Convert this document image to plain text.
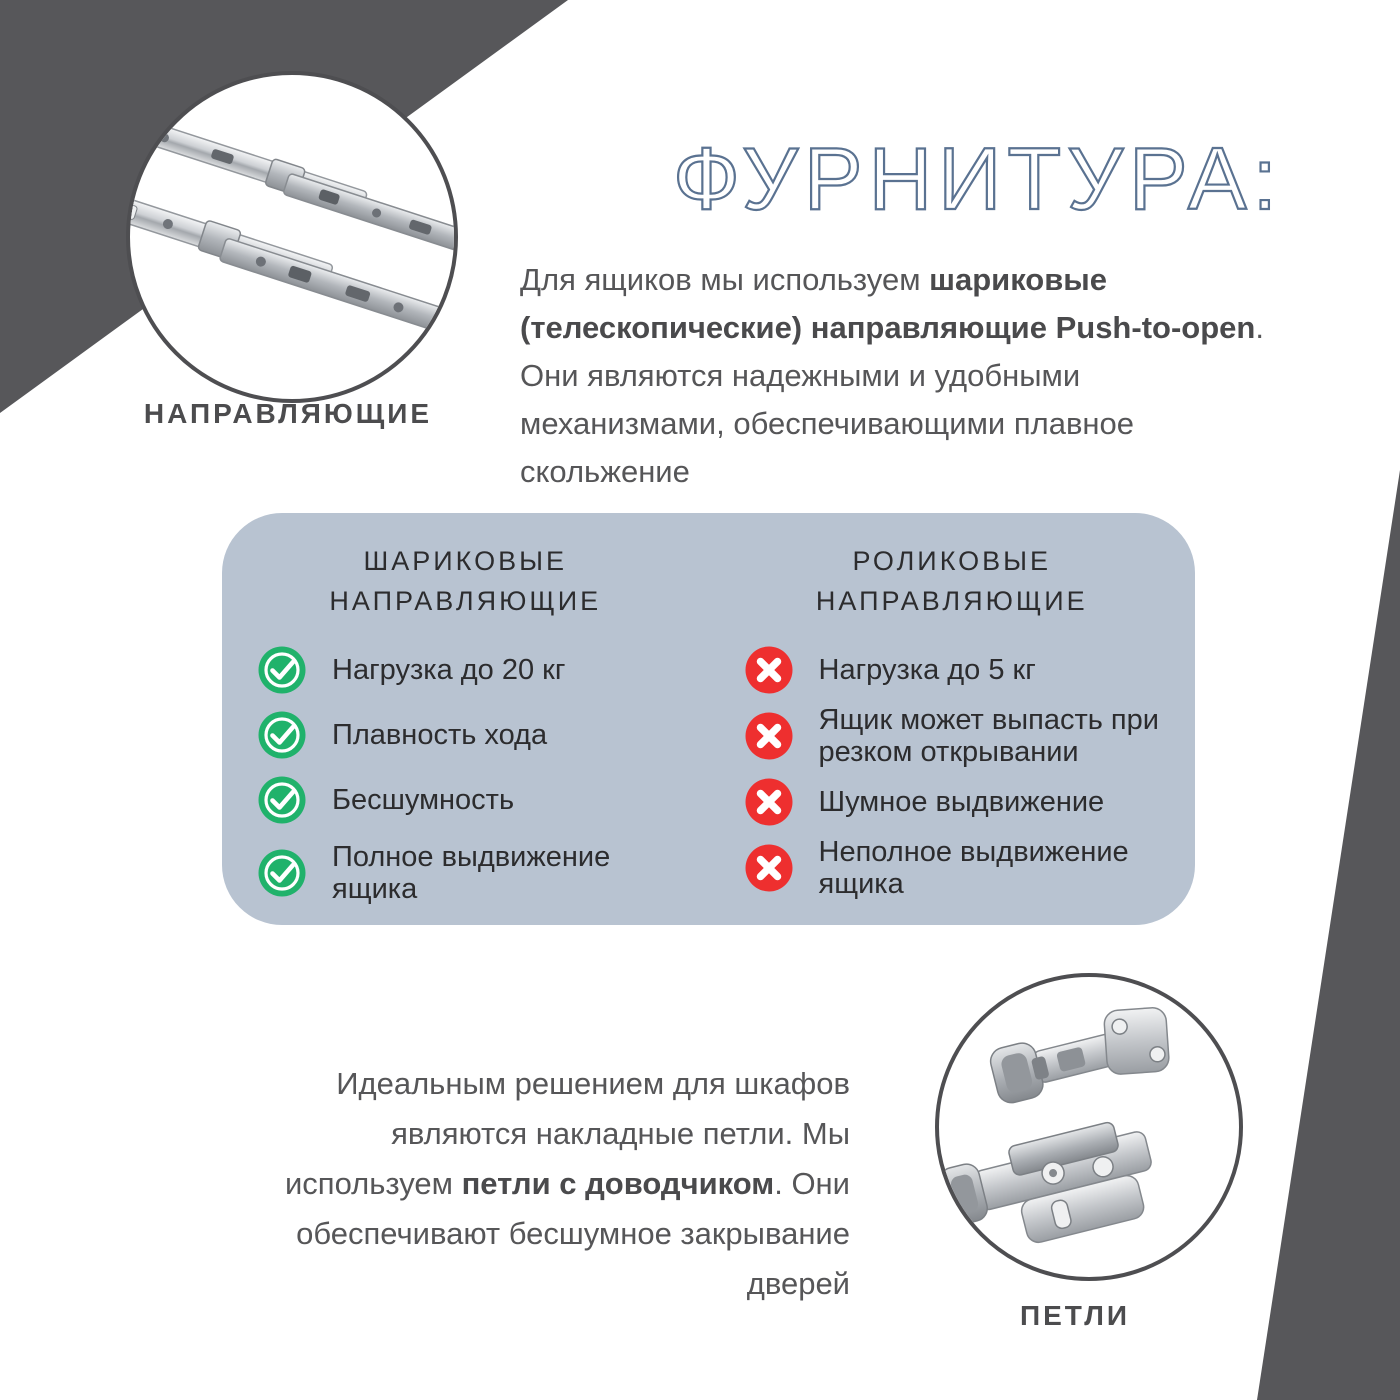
НАПРАВЛЯЮЩИЕ
ФУРНИТУРА:

Для ящиков мы используем шариковые
(телескопические) направляющие Push-to-open.
Они являются надежными и удобными
механизмами, обеспечивающими плавное
скольжение

ШАРИКОВЫЕ
НАПРАВЛЯЮЩИЕ
Нагрузка до 20 кг
Плавность хода
Бесшумность
Полное выдвижение ящика
РОЛИКОВЫЕ
НАПРАВЛЯЮЩИЕ
Нагрузка до 5 кг
Ящик может выпасть при резком открывании
Шумное выдвижение
Неполное выдвижение ящика

Идеальным решением для шкафов
являются накладные петли. Мы
используем петли с доводчиком. Они
обеспечивают бесшумное закрывание
дверей

ПЕТЛИ
